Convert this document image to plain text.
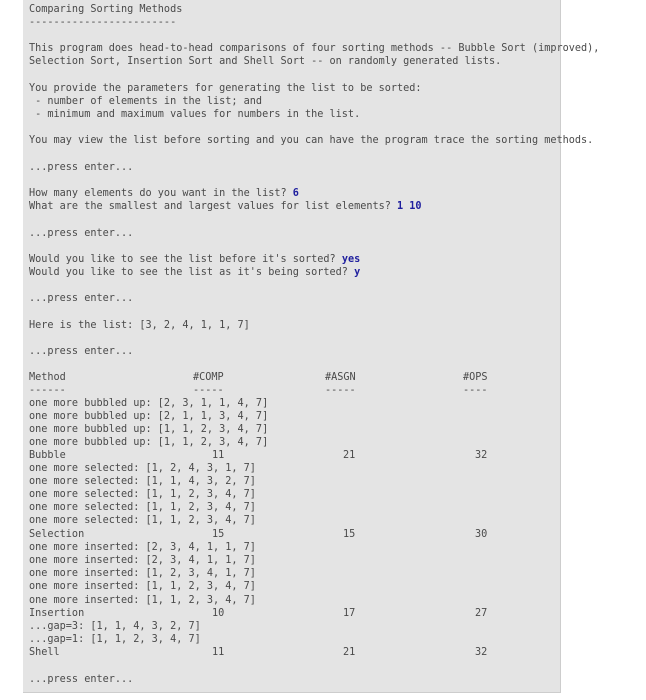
Comparing Sorting Methods
------------------------
This program does head-to-head comparisons of four sorting methods -- Bubble Sort (improved),
Selection Sort, Insertion Sort and Shell Sort -- on randomly generated lists.
You provide the parameters for generating the list to be sorted:
- number of elements in the list; and
- minimum and maximum values for numbers in the list.
You may view the list before sorting and you can have the program trace the sorting methods.
...press enter...
How many elements do you want in the list? 6
What are the smallest and largest values for list elements? 1 10
...press enter...
Would you like to see the list before it's sorted? yes
Would you like to see the list as it's being sorted? y
...press enter...
Here is the list: [3, 2, 4, 1, 1, 7]
...press enter...
Method	#COMP	#ASGN	#OPS
------	-----	-----	----
one more bubbled up: [2, 3, 1, 1, 4, 7]
one more bubbled up: [2, 1, 1, 3, 4, 7]
one more bubbled up: [1, 1, 2, 3, 4, 7]
one more bubbled up: [1, 1, 2, 3, 4, 7]
Bubble	11	21	32
one more selected: [1, 2, 4, 3, 1, 7]
one more selected: [1, 1, 4, 3, 2, 7]
one more selected: [1, 1, 2, 3, 4, 7]
one more selected: [1, 1, 2, 3, 4, 7]
one more selected: [1, 1, 2, 3, 4, 7]
Selection	15	15	30
one more inserted: [2, 3, 4, 1, 1, 7]
one more inserted: [2, 3, 4, 1, 1, 7]
one more inserted: [1, 2, 3, 4, 1, 7]
one more inserted: [1, 1, 2, 3, 4, 7]
one more inserted: [1, 1, 2, 3, 4, 7]
Insertion	10	17	27
...gap=3: [1, 1, 4, 3, 2, 7]
...gap=1: [1, 1, 2, 3, 4, 7]
Shell	11	21	32
...press enter...
